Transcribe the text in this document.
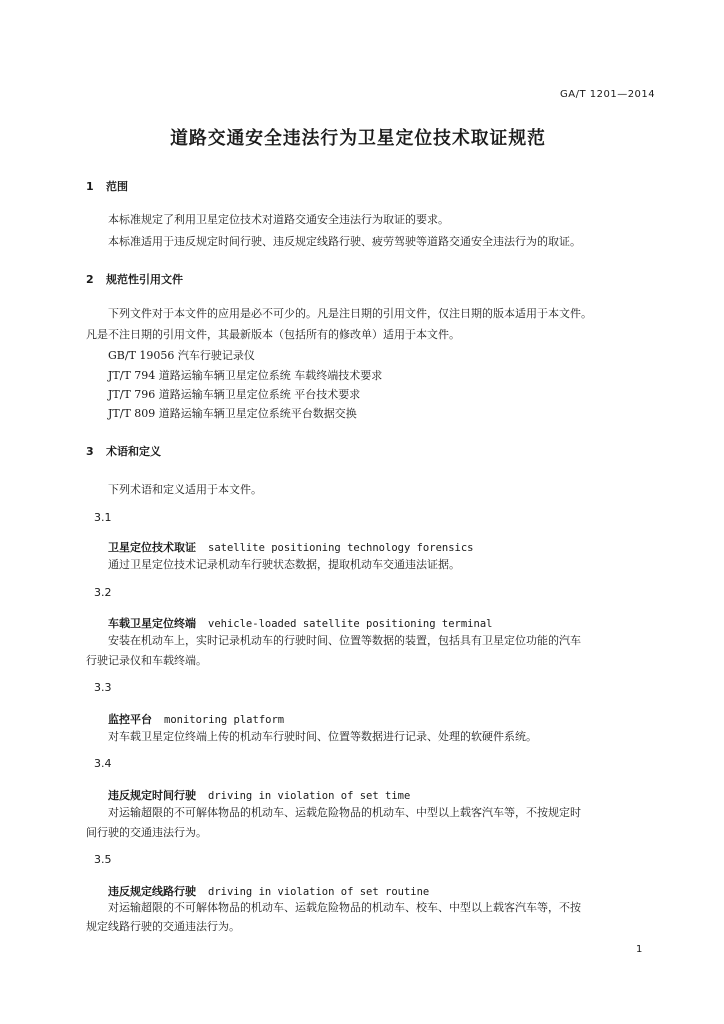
GA/T 1201—2014
道路交通安全违法行为卫星定位技术取证规范
1 范围
本标准规定了利用卫星定位技术对道路交通安全违法行为取证的要求。
本标准适用于违反规定时间行驶、违反规定线路行驶、疲劳驾驶等道路交通安全违法行为的取证。
2 规范性引用文件
下列文件对于本文件的应用是必不可少的。凡是注日期的引用文件，仅注日期的版本适用于本文件。
凡是不注日期的引用文件，其最新版本（包括所有的修改单）适用于本文件。
GB/T 19056 汽车行驶记录仪
JT/T 794 道路运输车辆卫星定位系统 车载终端技术要求
JT/T 796 道路运输车辆卫星定位系统 平台技术要求
JT/T 809 道路运输车辆卫星定位系统平台数据交换
3 术语和定义
下列术语和定义适用于本文件。
3.1
卫星定位技术取证 satellite positioning technology forensics
通过卫星定位技术记录机动车行驶状态数据，提取机动车交通违法证据。
3.2
车载卫星定位终端 vehicle-loaded satellite positioning terminal
安装在机动车上，实时记录机动车的行驶时间、位置等数据的装置，包括具有卫星定位功能的汽车
行驶记录仪和车载终端。
3.3
监控平台 monitoring platform
对车载卫星定位终端上传的机动车行驶时间、位置等数据进行记录、处理的软硬件系统。
3.4
违反规定时间行驶 driving in violation of set time
对运输超限的不可解体物品的机动车、运载危险物品的机动车、中型以上载客汽车等，不按规定时
间行驶的交通违法行为。
3.5
违反规定线路行驶 driving in violation of set routine
对运输超限的不可解体物品的机动车、运载危险物品的机动车、校车、中型以上载客汽车等，不按
规定线路行驶的交通违法行为。
1
